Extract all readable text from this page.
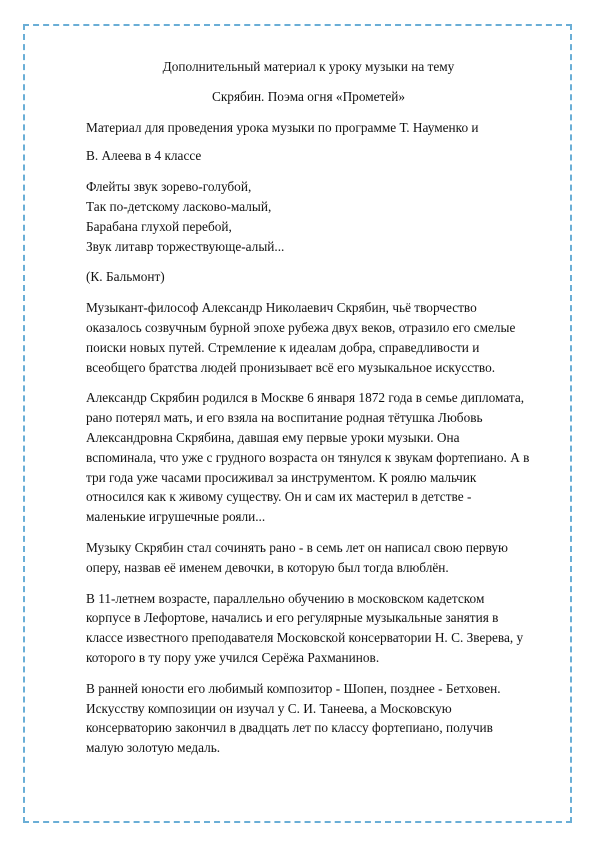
Дополнительный материал к уроку музыки на тему

Скрябин. Поэма огня «Прометей»

Материал для проведения урока музыки по программе Т. Науменко и

В. Алеева в 4 классе

Флейты звук зорево-голубой,

Так по-детскому ласково-малый,

Барабана глухой перебой,

Звук литавр торжествующе-алый...

(К. Бальмонт)

Музыкант-философ Александр Николаевич Скрябин, чьё творчество оказалось созвучным бурной эпохе рубежа двух веков, отразило его смелые поиски новых путей. Стремление к идеалам добра, справедливости и всеобщего братства людей пронизывает всё его музыкальное искусство.

Александр Скрябин родился в Москве 6 января 1872 года в семье дипломата, рано потерял мать, и его взяла на воспитание родная тётушка Любовь Александровна Скрябина, давшая ему первые уроки музыки. Она вспоминала, что уже с грудного возраста он тянулся к звукам фортепиано. А в три года уже часами просиживал за инструментом. К роялю мальчик относился как к живому существу. Он и сам их мастерил в детстве - маленькие игрушечные рояли...

Музыку Скрябин стал сочинять рано - в семь лет он написал свою первую оперу, назвав её именем девочки, в которую был тогда влюблён.

В 11-летнем возрасте, параллельно обучению в московском кадетском корпусе в Лефортове, начались и его регулярные музыкальные занятия в классе известного преподавателя Московской консерватории Н. С. Зверева, у которого в ту пору уже учился Серёжа Рахманинов.

В ранней юности его любимый композитор - Шопен, позднее - Бетховен. Искусству композиции он изучал у С. И. Танеева, а Московскую консерваторию закончил в двадцать лет по классу фортепиано, получив малую золотую медаль.
